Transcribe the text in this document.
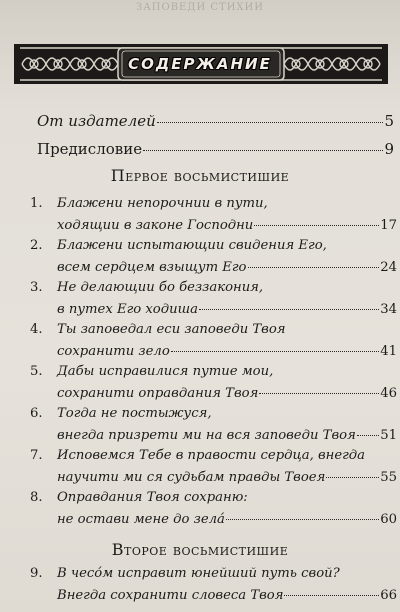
ЗАПОВЕДИ СТИХИИ
СОДЕРЖАНИЕ
От издателей	5
Предисловие	9
Первое восьмистишие
1. Блажени непорочнии в пути,
ходящии в законе Господни	17
2. Блажени испытающии свидения Его,
всем сердцем взыщут Его	24
3. Не делающии бо беззакония,
в путех Его ходиша	34
4. Ты заповедал еси заповеди Твоя
сохранити зело	41
5. Дабы исправилися путие мои,
сохранити оправдания Твоя	46
6. Тогда не постыжуся,
внегда призрети ми на вся заповеди Твоя 51
7. Исповемся Тебе в правости сердца, внегда
научити ми ся судьбам правды Твоея	55
8. Оправдания Твоя сохраню:
не остави мене до зела́	60
Второе восьмистишие
9. В чесо́м исправит юнейший путь свой?
Внегда сохранити словеса Твоя	66
